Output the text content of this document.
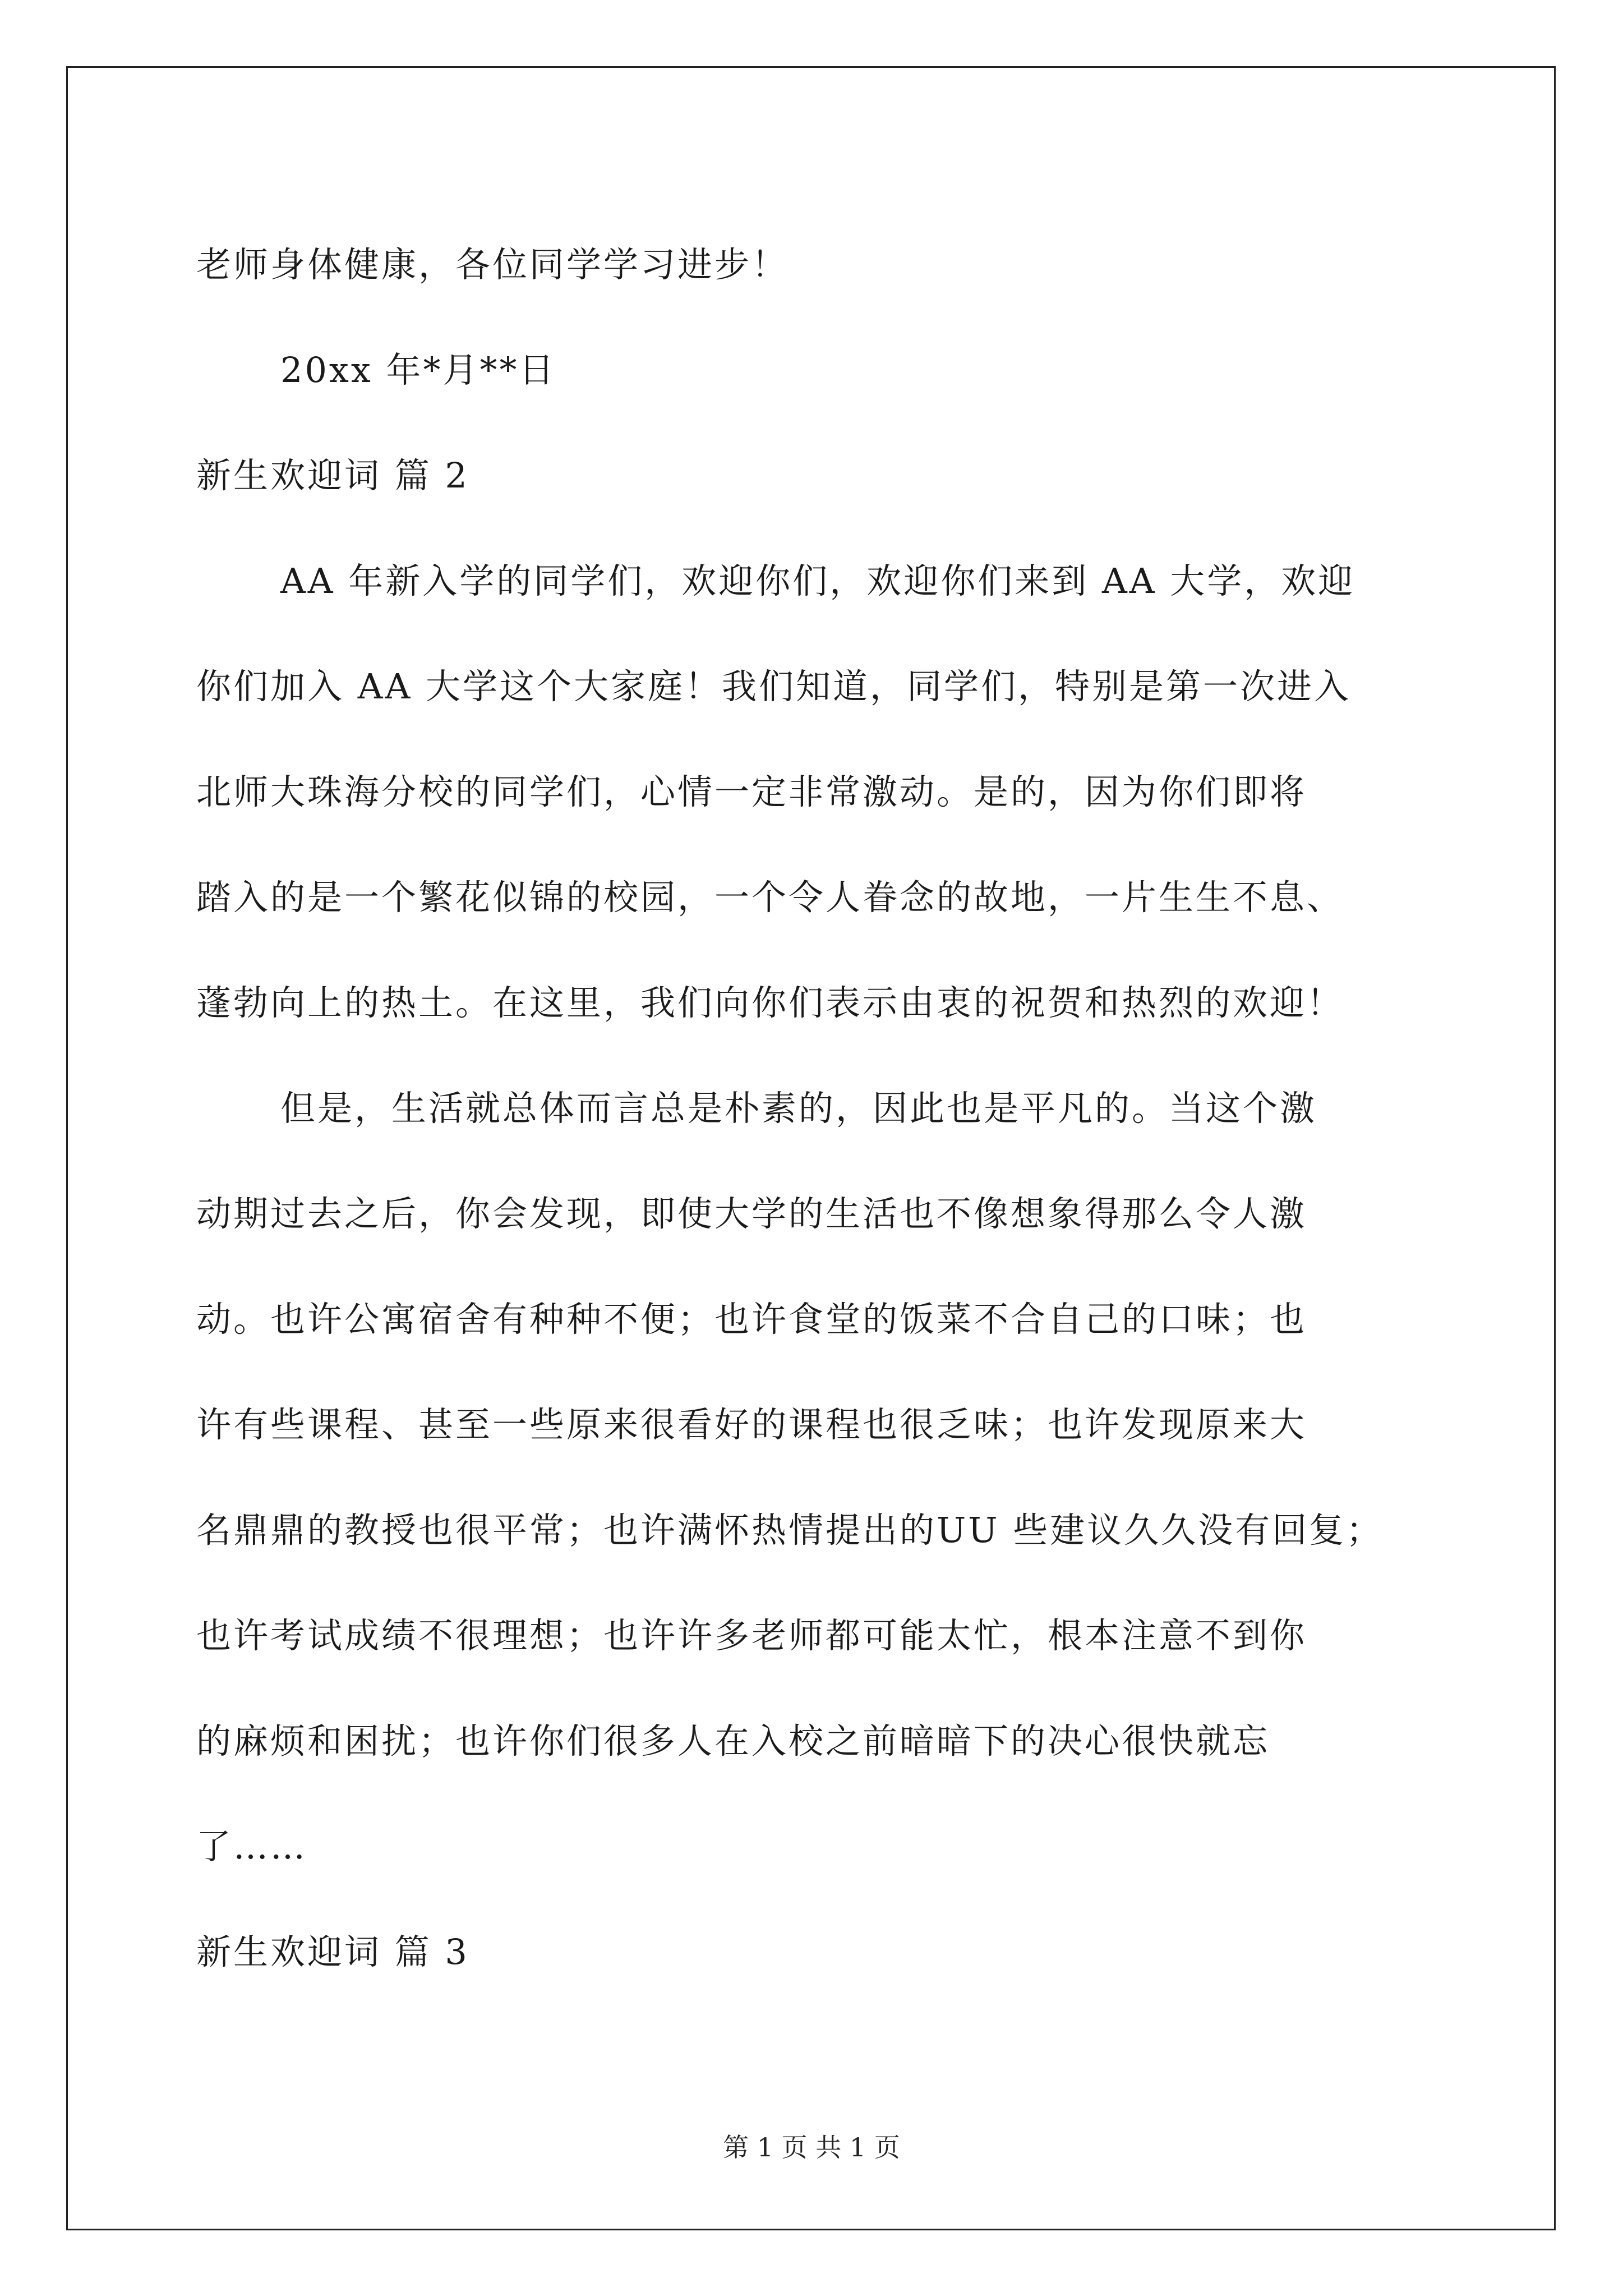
老师身体健康，各位同学学习进步！
20xx 年*月**日
新生欢迎词 篇 2
AA 年新入学的同学们，欢迎你们，欢迎你们来到 AA 大学，欢迎
你们加入 AA 大学这个大家庭！我们知道，同学们，特别是第一次进入
北师大珠海分校的同学们，心情一定非常激动。是的，因为你们即将
踏入的是一个繁花似锦的校园，一个令人眷念的故地，一片生生不息、
蓬勃向上的热土。在这里，我们向你们表示由衷的祝贺和热烈的欢迎！
但是，生活就总体而言总是朴素的，因此也是平凡的。当这个激
动期过去之后，你会发现，即使大学的生活也不像想象得那么令人激
动。也许公寓宿舍有种种不便；也许食堂的饭菜不合自己的口味；也
许有些课程、甚至一些原来很看好的课程也很乏味；也许发现原来大
名鼎鼎的教授也很平常；也许满怀热情提出的UU 些建议久久没有回复；
也许考试成绩不很理想；也许许多老师都可能太忙，根本注意不到你
的麻烦和困扰；也许你们很多人在入校之前暗暗下的决心很快就忘
了……
新生欢迎词 篇 3
第 1 页 共 1 页
